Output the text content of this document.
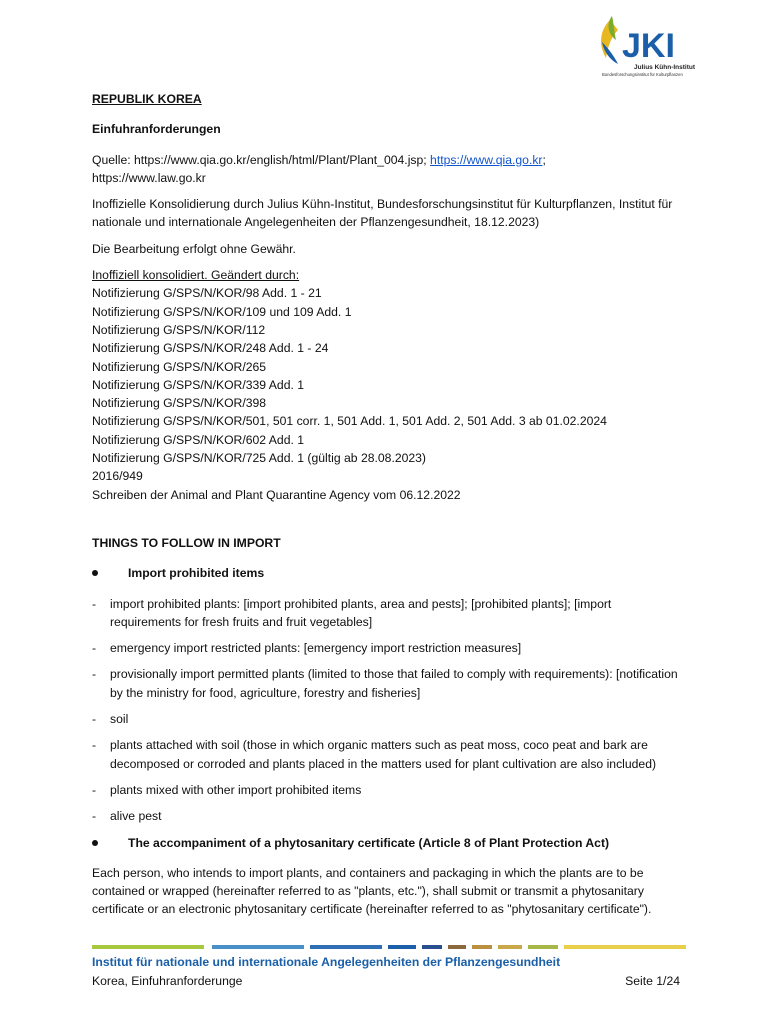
JKI
Julius Kühn-Institut
Bundesforschungsinstitut für Kulturpflanzen
REPUBLIK KOREA
Einfuhranforderungen
Quelle: https://www.qia.go.kr/english/html/Plant/Plant_004.jsp; https://www.qia.go.kr;
https://www.law.go.kr
Inoffizielle Konsolidierung durch Julius Kühn-Institut, Bundesforschungsinstitut für Kulturpflanzen, Institut für nationale und internationale Angelegenheiten der Pflanzengesundheit, 18.12.2023)
Die Bearbeitung erfolgt ohne Gewähr.
Inoffiziell konsolidiert. Geändert durch:
Notifizierung G/SPS/N/KOR/98 Add. 1 - 21
Notifizierung G/SPS/N/KOR/109 und 109 Add. 1
Notifizierung G/SPS/N/KOR/112
Notifizierung G/SPS/N/KOR/248 Add. 1 - 24
Notifizierung G/SPS/N/KOR/265
Notifizierung G/SPS/N/KOR/339 Add. 1
Notifizierung G/SPS/N/KOR/398
Notifizierung G/SPS/N/KOR/501, 501 corr. 1, 501 Add. 1, 501 Add. 2, 501 Add. 3 ab 01.02.2024
Notifizierung G/SPS/N/KOR/602 Add. 1
Notifizierung G/SPS/N/KOR/725 Add. 1 (gültig ab 28.08.2023)
2016/949
Schreiben der Animal and Plant Quarantine Agency vom 06.12.2022
THINGS TO FOLLOW IN IMPORT
Import prohibited items
- import prohibited plants: [import prohibited plants, area and pests]; [prohibited plants]; [import requirements for fresh fruits and fruit vegetables]
- emergency import restricted plants: [emergency import restriction measures]
- provisionally import permitted plants (limited to those that failed to comply with requirements): [notification by the ministry for food, agriculture, forestry and fisheries]
- soil
- plants attached with soil (those in which organic matters such as peat moss, coco peat and bark are decomposed or corroded and plants placed in the matters used for plant cultivation are also included)
- plants mixed with other import prohibited items
- alive pest
The accompaniment of a phytosanitary certificate (Article 8 of Plant Protection Act)
Each person, who intends to import plants, and containers and packaging in which the plants are to be contained or wrapped (hereinafter referred to as "plants, etc."), shall submit or transmit a phytosanitary certificate or an electronic phytosanitary certificate (hereinafter referred to as "phytosanitary certificate").
Institut für nationale und internationale Angelegenheiten der Pflanzengesundheit
Korea, Einfuhranforderunge	Seite 1/24
